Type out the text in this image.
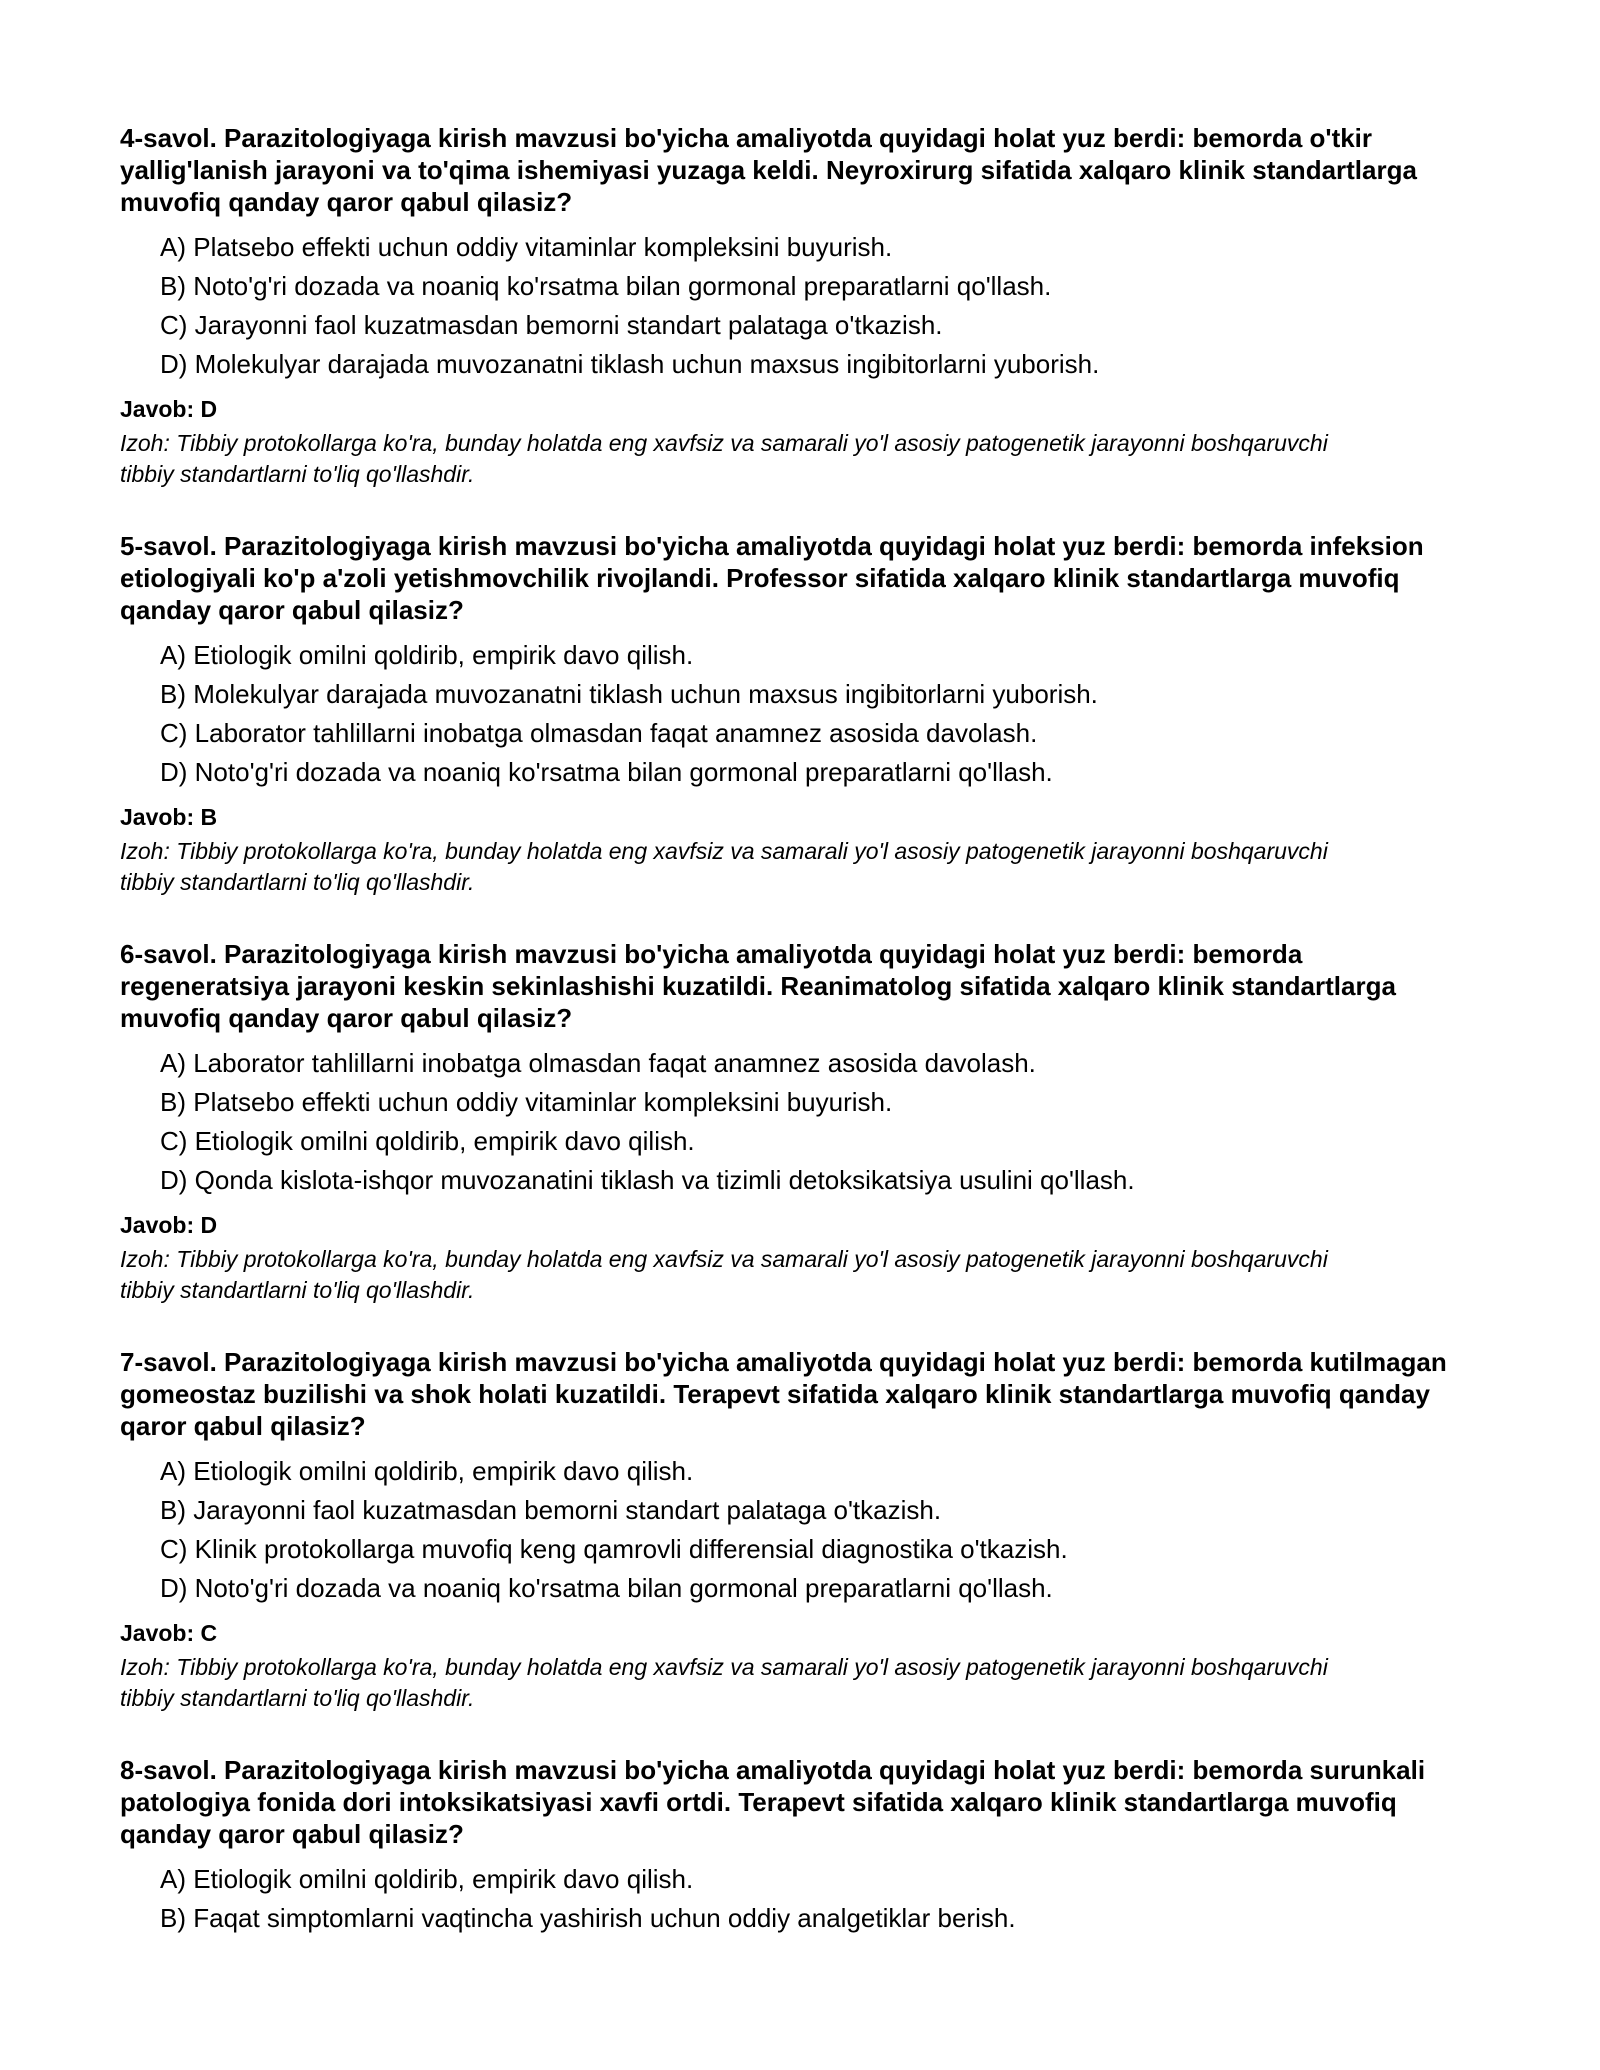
4-savol. Parazitologiyaga kirish mavzusi bo'yicha amaliyotda quyidagi holat yuz berdi: bemorda o'tkir yallig'lanish jarayoni va to'qima ishemiyasi yuzaga keldi. Neyroxirurg sifatida xalqaro klinik standartlarga muvofiq qanday qaror qabul qilasiz?

A) Platsebo effekti uchun oddiy vitaminlar kompleksini buyurish.
B) Noto'g'ri dozada va noaniq ko'rsatma bilan gormonal preparatlarni qo'llash.
C) Jarayonni faol kuzatmasdan bemorni standart palataga o'tkazish.
D) Molekulyar darajada muvozanatni tiklash uchun maxsus ingibitorlarni yuborish.

Javob: D

Izoh: Tibbiy protokollarga ko'ra, bunday holatda eng xavfsiz va samarali yo'l asosiy patogenetik jarayonni boshqaruvchi tibbiy standartlarni to'liq qo'llashdir.

5-savol. Parazitologiyaga kirish mavzusi bo'yicha amaliyotda quyidagi holat yuz berdi: bemorda infeksion etiologiyali ko'p a'zoli yetishmovchilik rivojlandi. Professor sifatida xalqaro klinik standartlarga muvofiq qanday qaror qabul qilasiz?

A) Etiologik omilni qoldirib, empirik davo qilish.
B) Molekulyar darajada muvozanatni tiklash uchun maxsus ingibitorlarni yuborish.
C) Laborator tahlillarni inobatga olmasdan faqat anamnez asosida davolash.
D) Noto'g'ri dozada va noaniq ko'rsatma bilan gormonal preparatlarni qo'llash.

Javob: B

Izoh: Tibbiy protokollarga ko'ra, bunday holatda eng xavfsiz va samarali yo'l asosiy patogenetik jarayonni boshqaruvchi tibbiy standartlarni to'liq qo'llashdir.

6-savol. Parazitologiyaga kirish mavzusi bo'yicha amaliyotda quyidagi holat yuz berdi: bemorda regeneratsiya jarayoni keskin sekinlashishi kuzatildi. Reanimatolog sifatida xalqaro klinik standartlarga muvofiq qanday qaror qabul qilasiz?

A) Laborator tahlillarni inobatga olmasdan faqat anamnez asosida davolash.
B) Platsebo effekti uchun oddiy vitaminlar kompleksini buyurish.
C) Etiologik omilni qoldirib, empirik davo qilish.
D) Qonda kislota-ishqor muvozanatini tiklash va tizimli detoksikatsiya usulini qo'llash.

Javob: D

Izoh: Tibbiy protokollarga ko'ra, bunday holatda eng xavfsiz va samarali yo'l asosiy patogenetik jarayonni boshqaruvchi tibbiy standartlarni to'liq qo'llashdir.

7-savol. Parazitologiyaga kirish mavzusi bo'yicha amaliyotda quyidagi holat yuz berdi: bemorda kutilmagan gomeostaz buzilishi va shok holati kuzatildi. Terapevt sifatida xalqaro klinik standartlarga muvofiq qanday qaror qabul qilasiz?

A) Etiologik omilni qoldirib, empirik davo qilish.
B) Jarayonni faol kuzatmasdan bemorni standart palataga o'tkazish.
C) Klinik protokollarga muvofiq keng qamrovli differensial diagnostika o'tkazish.
D) Noto'g'ri dozada va noaniq ko'rsatma bilan gormonal preparatlarni qo'llash.

Javob: C

Izoh: Tibbiy protokollarga ko'ra, bunday holatda eng xavfsiz va samarali yo'l asosiy patogenetik jarayonni boshqaruvchi tibbiy standartlarni to'liq qo'llashdir.

8-savol. Parazitologiyaga kirish mavzusi bo'yicha amaliyotda quyidagi holat yuz berdi: bemorda surunkali patologiya fonida dori intoksikatsiyasi xavfi ortdi. Terapevt sifatida xalqaro klinik standartlarga muvofiq qanday qaror qabul qilasiz?

A) Etiologik omilni qoldirib, empirik davo qilish.
B) Faqat simptomlarni vaqtincha yashirish uchun oddiy analgetiklar berish.
